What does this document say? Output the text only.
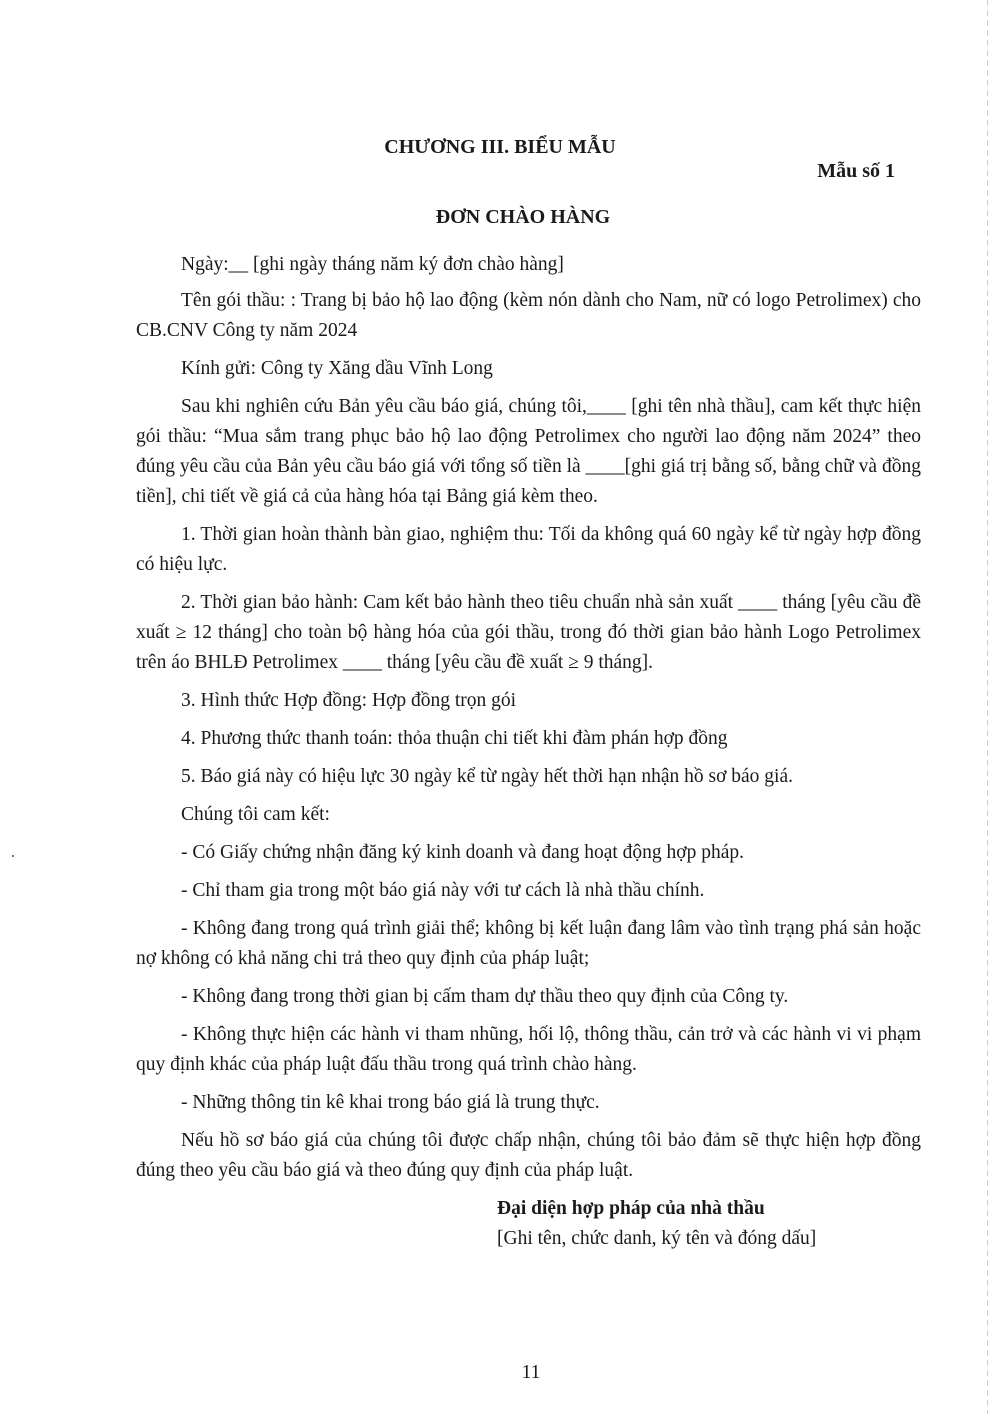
CHƯƠNG III. BIỂU MẪU
Mẫu số 1
ĐƠN CHÀO HÀNG

Ngày:__ [ghi ngày tháng năm ký đơn chào hàng]

Tên gói thầu: : Trang bị bảo hộ lao động (kèm nón dành cho Nam, nữ có logo Petrolimex) cho CB.CNV Công ty năm 2024

Kính gửi: Công ty Xăng dầu Vĩnh Long

Sau khi nghiên cứu Bản yêu cầu báo giá, chúng tôi,____ [ghi tên nhà thầu], cam kết thực hiện gói thầu: “Mua sắm trang phục bảo hộ lao động Petrolimex cho người lao động năm 2024” theo đúng yêu cầu của Bản yêu cầu báo giá với tổng số tiền là ____[ghi giá trị bằng số, bằng chữ và đồng tiền], chi tiết về giá cả của hàng hóa tại Bảng giá kèm theo.

1. Thời gian hoàn thành bàn giao, nghiệm thu: Tối da không quá 60 ngày kể từ ngày hợp đồng có hiệu lực.

2. Thời gian bảo hành: Cam kết bảo hành theo tiêu chuẩn nhà sản xuất ____ tháng [yêu cầu đề xuất ≥ 12 tháng] cho toàn bộ hàng hóa của gói thầu, trong đó thời gian bảo hành Logo Petrolimex trên áo BHLĐ Petrolimex ____ tháng [yêu cầu đề xuất ≥ 9 tháng].

3. Hình thức Hợp đồng: Hợp đồng trọn gói

4. Phương thức thanh toán: thỏa thuận chi tiết khi đàm phán hợp đồng

5. Báo giá này có hiệu lực 30 ngày kể từ ngày hết thời hạn nhận hồ sơ báo giá.

Chúng tôi cam kết:

- Có Giấy chứng nhận đăng ký kinh doanh và đang hoạt động hợp pháp.

- Chỉ tham gia trong một báo giá này với tư cách là nhà thầu chính.

- Không đang trong quá trình giải thể; không bị kết luận đang lâm vào tình trạng phá sản hoặc nợ không có khả năng chi trả theo quy định của pháp luật;

- Không đang trong thời gian bị cấm tham dự thầu theo quy định của Công ty.

- Không thực hiện các hành vi tham nhũng, hối lộ, thông thầu, cản trở và các hành vi vi phạm quy định khác của pháp luật đấu thầu trong quá trình chào hàng.

- Những thông tin kê khai trong báo giá là trung thực.

Nếu hồ sơ báo giá của chúng tôi được chấp nhận, chúng tôi bảo đảm sẽ thực hiện hợp đồng đúng theo yêu cầu báo giá và theo đúng quy định của pháp luật.

Đại diện hợp pháp của nhà thầu
[Ghi tên, chức danh, ký tên và đóng dấu]
11
